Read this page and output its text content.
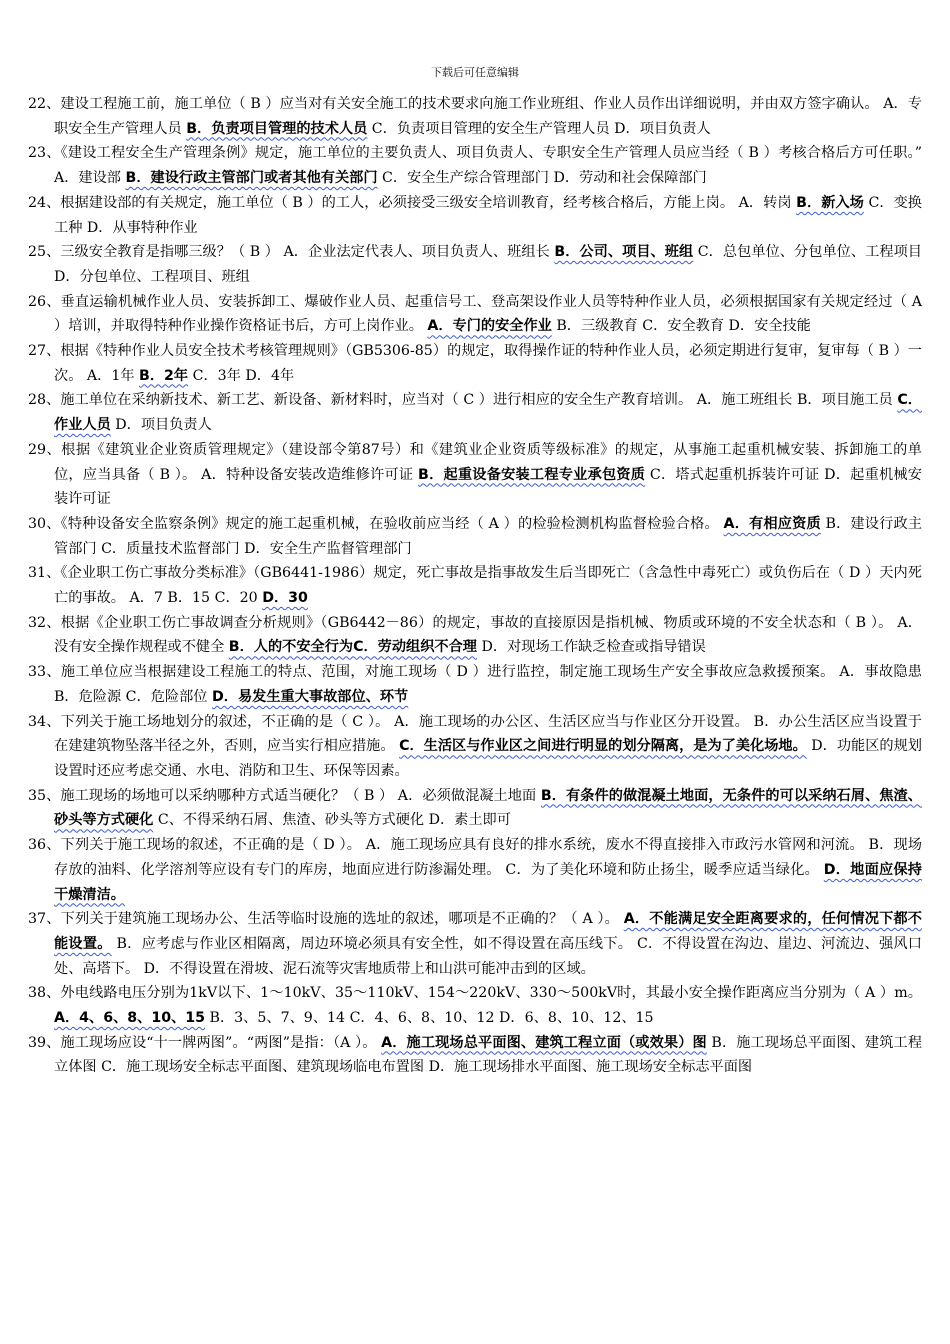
下载后可任意编辑

22、建设工程施工前，施工单位（ B ）应当对有关安全施工的技术要求向施工作业班组、作业人员作出详细说明，并由双方签字确认。 A．专职安全生产管理人员 B．负责项目管理的技术人员 C．负责项目管理的安全生产管理人员 D．项目负责人

23、《建设工程安全生产管理条例》规定，施工单位的主要负责人、项目负责人、专职安全生产管理人员应当经（ B ）考核合格后方可任职。” A．建设部 B．建设行政主管部门或者其他有关部门 C．安全生产综合管理部门 D．劳动和社会保障部门

24、根据建设部的有关规定，施工单位（ B ）的工人，必须接受三级安全培训教育，经考核合格后，方能上岗。 A．转岗 B．新入场 C．变换工种 D．从事特种作业

25、三级安全教育是指哪三级？（ B ） A．企业法定代表人、项目负责人、班组长 B．公司、项目、班组 C．总包单位、分包单位、工程项目 D．分包单位、工程项目、班组

26、垂直运输机械作业人员、安装拆卸工、爆破作业人员、起重信号工、登高架设作业人员等特种作业人员，必须根据国家有关规定经过（ A ）培训，并取得特种作业操作资格证书后，方可上岗作业。 A．专门的安全作业 B．三级教育 C．安全教育 D．安全技能

27、根据《特种作业人员安全技术考核管理规则》（GB5306-85）的规定，取得操作证的特种作业人员，必须定期进行复审，复审每（ B ）一次。 A．1年 B．2年 C．3年 D．4年

28、施工单位在采纳新技术、新工艺、新设备、新材料时，应当对（ C ）进行相应的安全生产教育培训。 A．施工班组长 B．项目施工员 C．作业人员 D．项目负责人

29、根据《建筑业企业资质管理规定》（建设部令第87号）和《建筑业企业资质等级标准》的规定，从事施工起重机械安装、拆卸施工的单位，应当具备（ B ）。 A．特种设备安装改造维修许可证 B．起重设备安装工程专业承包资质 C．塔式起重机拆装许可证 D．起重机械安装许可证

30、《特种设备安全监察条例》规定的施工起重机械，在验收前应当经（ A ）的检验检测机构监督检验合格。 A．有相应资质 B．建设行政主管部门 C．质量技术监督部门 D．安全生产监督管理部门

31、《企业职工伤亡事故分类标准》（GB6441-1986）规定，死亡事故是指事故发生后当即死亡（含急性中毒死亡）或负伤后在（ D ）天内死亡的事故。 A．7 B．15 C．20 D．30

32、根据《企业职工伤亡事故调查分析规则》（GB6442－86）的规定，事故的直接原因是指机械、物质或环境的不安全状态和（ B ）。 A．没有安全操作规程或不健全 B．人的不安全行为C．劳动组织不合理 D．对现场工作缺乏检查或指导错误

33、施工单位应当根据建设工程施工的特点、范围，对施工现场（ D ）进行监控，制定施工现场生产安全事故应急救援预案。 A．事故隐患 B．危险源 C．危险部位 D．易发生重大事故部位、环节

34、下列关于施工场地划分的叙述，不正确的是（ C ）。 A．施工现场的办公区、生活区应当与作业区分开设置。 B．办公生活区应当设置于在建建筑物坠落半径之外，否则，应当实行相应措施。 C．生活区与作业区之间进行明显的划分隔离，是为了美化场地。 D．功能区的规划设置时还应考虑交通、水电、消防和卫生、环保等因素。

35、施工现场的场地可以采纳哪种方式适当硬化？（ B ） A．必须做混凝土地面 B．有条件的做混凝土地面，无条件的可以采纳石屑、焦渣、砂头等方式硬化 C、不得采纳石屑、焦渣、砂头等方式硬化 D．素土即可

36、下列关于施工现场的叙述，不正确的是（ D ）。 A．施工现场应具有良好的排水系统，废水不得直接排入市政污水管网和河流。 B．现场存放的油料、化学溶剂等应设有专门的库房，地面应进行防渗漏处理。 C．为了美化环境和防止扬尘，暖季应适当绿化。 D．地面应保持干燥清洁。

37、下列关于建筑施工现场办公、生活等临时设施的选址的叙述，哪项是不正确的？（ A ）。 A．不能满足安全距离要求的，任何情况下都不能设置。 B．应考虑与作业区相隔离，周边环境必须具有安全性，如不得设置在高压线下。 C．不得设置在沟边、崖边、河流边、强风口处、高塔下。 D．不得设置在滑坡、泥石流等灾害地质带上和山洪可能冲击到的区域。

38、外电线路电压分别为1kV以下、1～10kV、35～110kV、154～220kV、330～500kV时，其最小安全操作距离应当分别为（ A ）m。 A．4、6、8、10、15 B．3、5、7、9、14 C．4、6、8、10、12 D．6、8、10、12、15

39、施工现场应设“十一牌两图”。“两图”是指：（A ）。 A．施工现场总平面图、建筑工程立面（或效果）图 B．施工现场总平面图、建筑工程立体图 C．施工现场安全标志平面图、建筑现场临电布置图 D．施工现场排水平面图、施工现场安全标志平面图
